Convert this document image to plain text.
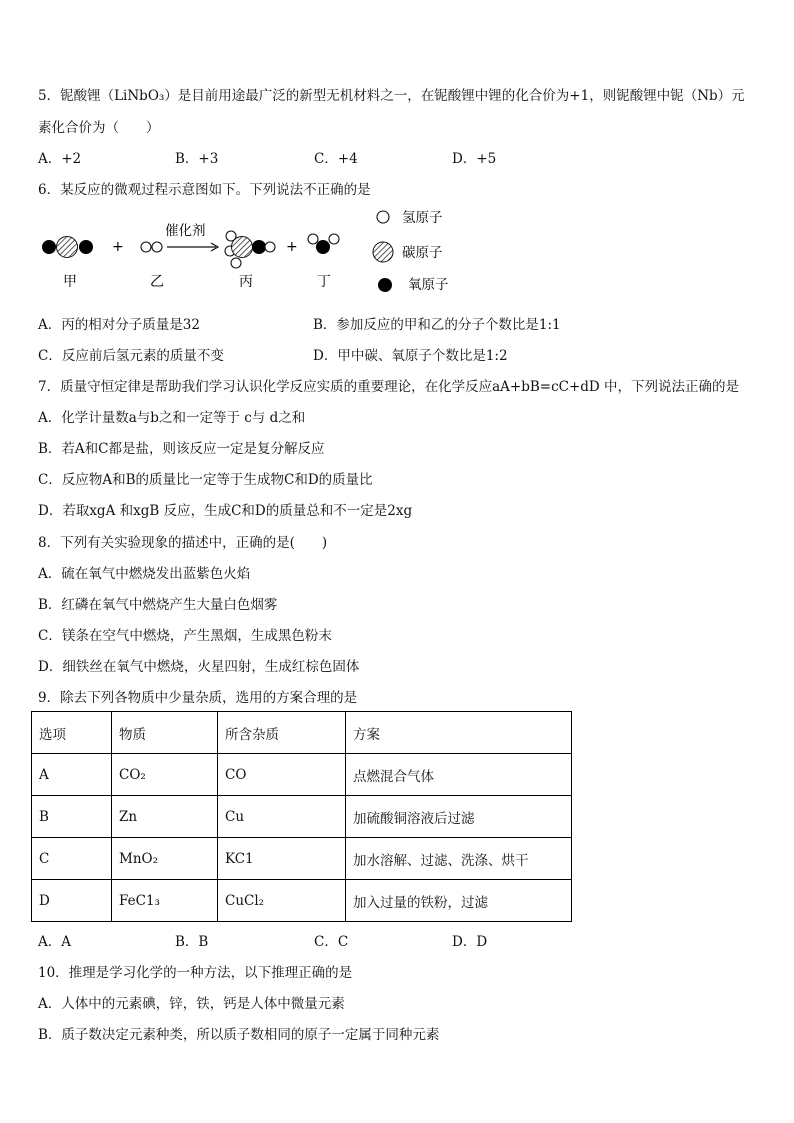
5．铌酸锂（LiNbO₃）是目前用途最广泛的新型无机材料之一，在铌酸锂中锂的化合价为+1，则铌酸锂中铌（Nb）元
素化合价为（　　）
A．+2	B．+3	C．+4	D．+5
6．某反应的微观过程示意图如下。下列说法不正确的是
+
催化剂
+
甲	乙	丙	丁
氢原子
碳原子
氧原子
A．丙的相对分子质量是32	B．参加反应的甲和乙的分子个数比是1:1
C．反应前后氢元素的质量不变	D．甲中碳、氧原子个数比是1:2
7．质量守恒定律是帮助我们学习认识化学反应实质的重要理论，在化学反应aA+bB=cC+dD 中，下列说法正确的是
A．化学计量数a与b之和一定等于 c与 d之和
B．若A和C都是盐，则该反应一定是复分解反应
C．反应物A和B的质量比一定等于生成物C和D的质量比
D．若取xgA 和xgB 反应，生成C和D的质量总和不一定是2xg
8．下列有关实验现象的描述中，正确的是(　　)
A．硫在氧气中燃烧发出蓝紫色火焰
B．红磷在氧气中燃烧产生大量白色烟雾
C．镁条在空气中燃烧，产生黑烟，生成黑色粉末
D．细铁丝在氧气中燃烧，火星四射，生成红棕色固体
9．除去下列各物质中少量杂质，选用的方案合理的是
选项	物质	所含杂质	方案
A	CO₂	CO	点燃混合气体
B	Zn	Cu	加硫酸铜溶液后过滤
C	MnO₂	KC1	加水溶解、过滤、洗涤、烘干
D	FeC1₃	CuCl₂	加入过量的铁粉，过滤
A．A	B．B	C．C	D．D
10．推理是学习化学的一种方法，以下推理正确的是
A．人体中的元素碘，锌，铁，钙是人体中微量元素
B．质子数决定元素种类，所以质子数相同的原子一定属于同种元素
